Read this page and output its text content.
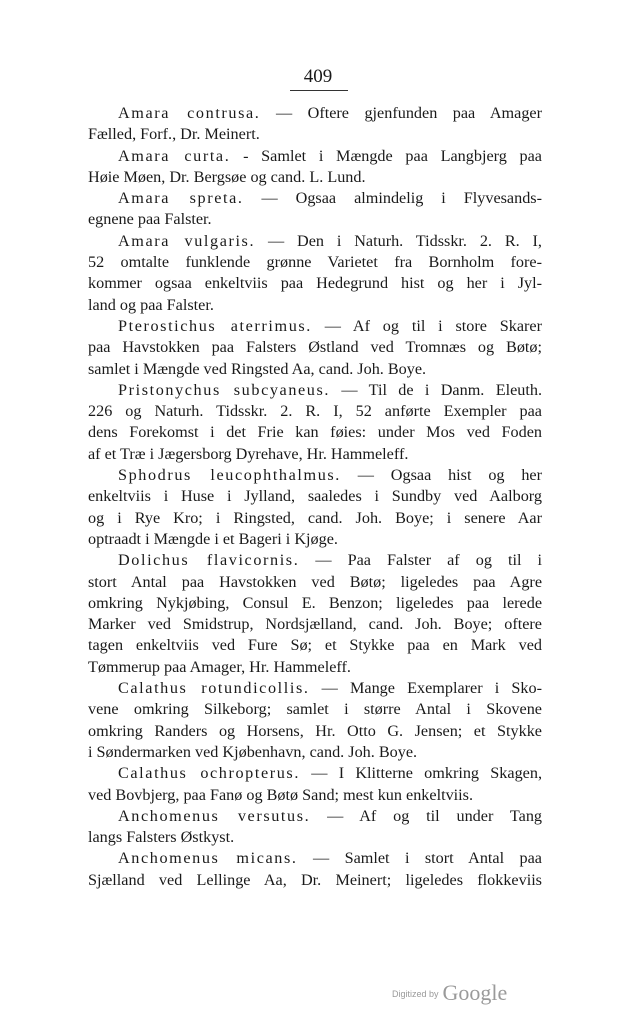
409
Amara contrusa. — Oftere gjenfunden paa Amager
Fælled, Forf., Dr. Meinert.
Amara curta. - Samlet i Mængde paa Langbjerg paa
Høie Møen, Dr. Bergsøe og cand. L. Lund.
Amara spreta. — Ogsaa almindelig i Flyvesands-
egnene paa Falster.
Amara vulgaris. — Den i Naturh. Tidsskr. 2. R. I,
52 omtalte funklende grønne Varietet fra Bornholm fore-
kommer ogsaa enkeltviis paa Hedegrund hist og her i Jyl-
land og paa Falster.
Pterostichus aterrimus. — Af og til i store Skarer
paa Havstokken paa Falsters Østland ved Tromnæs og Bøtø;
samlet i Mængde ved Ringsted Aa, cand. Joh. Boye.
Pristonychus subcyaneus. — Til de i Danm. Eleuth.
226 og Naturh. Tidsskr. 2. R. I, 52 anførte Exempler paa
dens Forekomst i det Frie kan føies: under Mos ved Foden
af et Træ i Jægersborg Dyrehave, Hr. Hammeleff.
Sphodrus leucophthalmus. — Ogsaa hist og her
enkeltviis i Huse i Jylland, saaledes i Sundby ved Aalborg
og i Rye Kro; i Ringsted, cand. Joh. Boye; i senere Aar
optraadt i Mængde i et Bageri i Kjøge.
Dolichus flavicornis. — Paa Falster af og til i
stort Antal paa Havstokken ved Bøtø; ligeledes paa Agre
omkring Nykjøbing, Consul E. Benzon; ligeledes paa lerede
Marker ved Smidstrup, Nordsjælland, cand. Joh. Boye; oftere
tagen enkeltviis ved Fure Sø; et Stykke paa en Mark ved
Tømmerup paa Amager, Hr. Hammeleff.
Calathus rotundicollis. — Mange Exemplarer i Sko-
vene omkring Silkeborg; samlet i større Antal i Skovene
omkring Randers og Horsens, Hr. Otto G. Jensen; et Stykke
i Søndermarken ved Kjøbenhavn, cand. Joh. Boye.
Calathus ochropterus. — I Klitterne omkring Skagen,
ved Bovbjerg, paa Fanø og Bøtø Sand; mest kun enkeltviis.
Anchomenus versutus. — Af og til under Tang
langs Falsters Østkyst.
Anchomenus micans. — Samlet i stort Antal paa
Sjælland ved Lellinge Aa, Dr. Meinert; ligeledes flokkeviis
Digitized by Google
